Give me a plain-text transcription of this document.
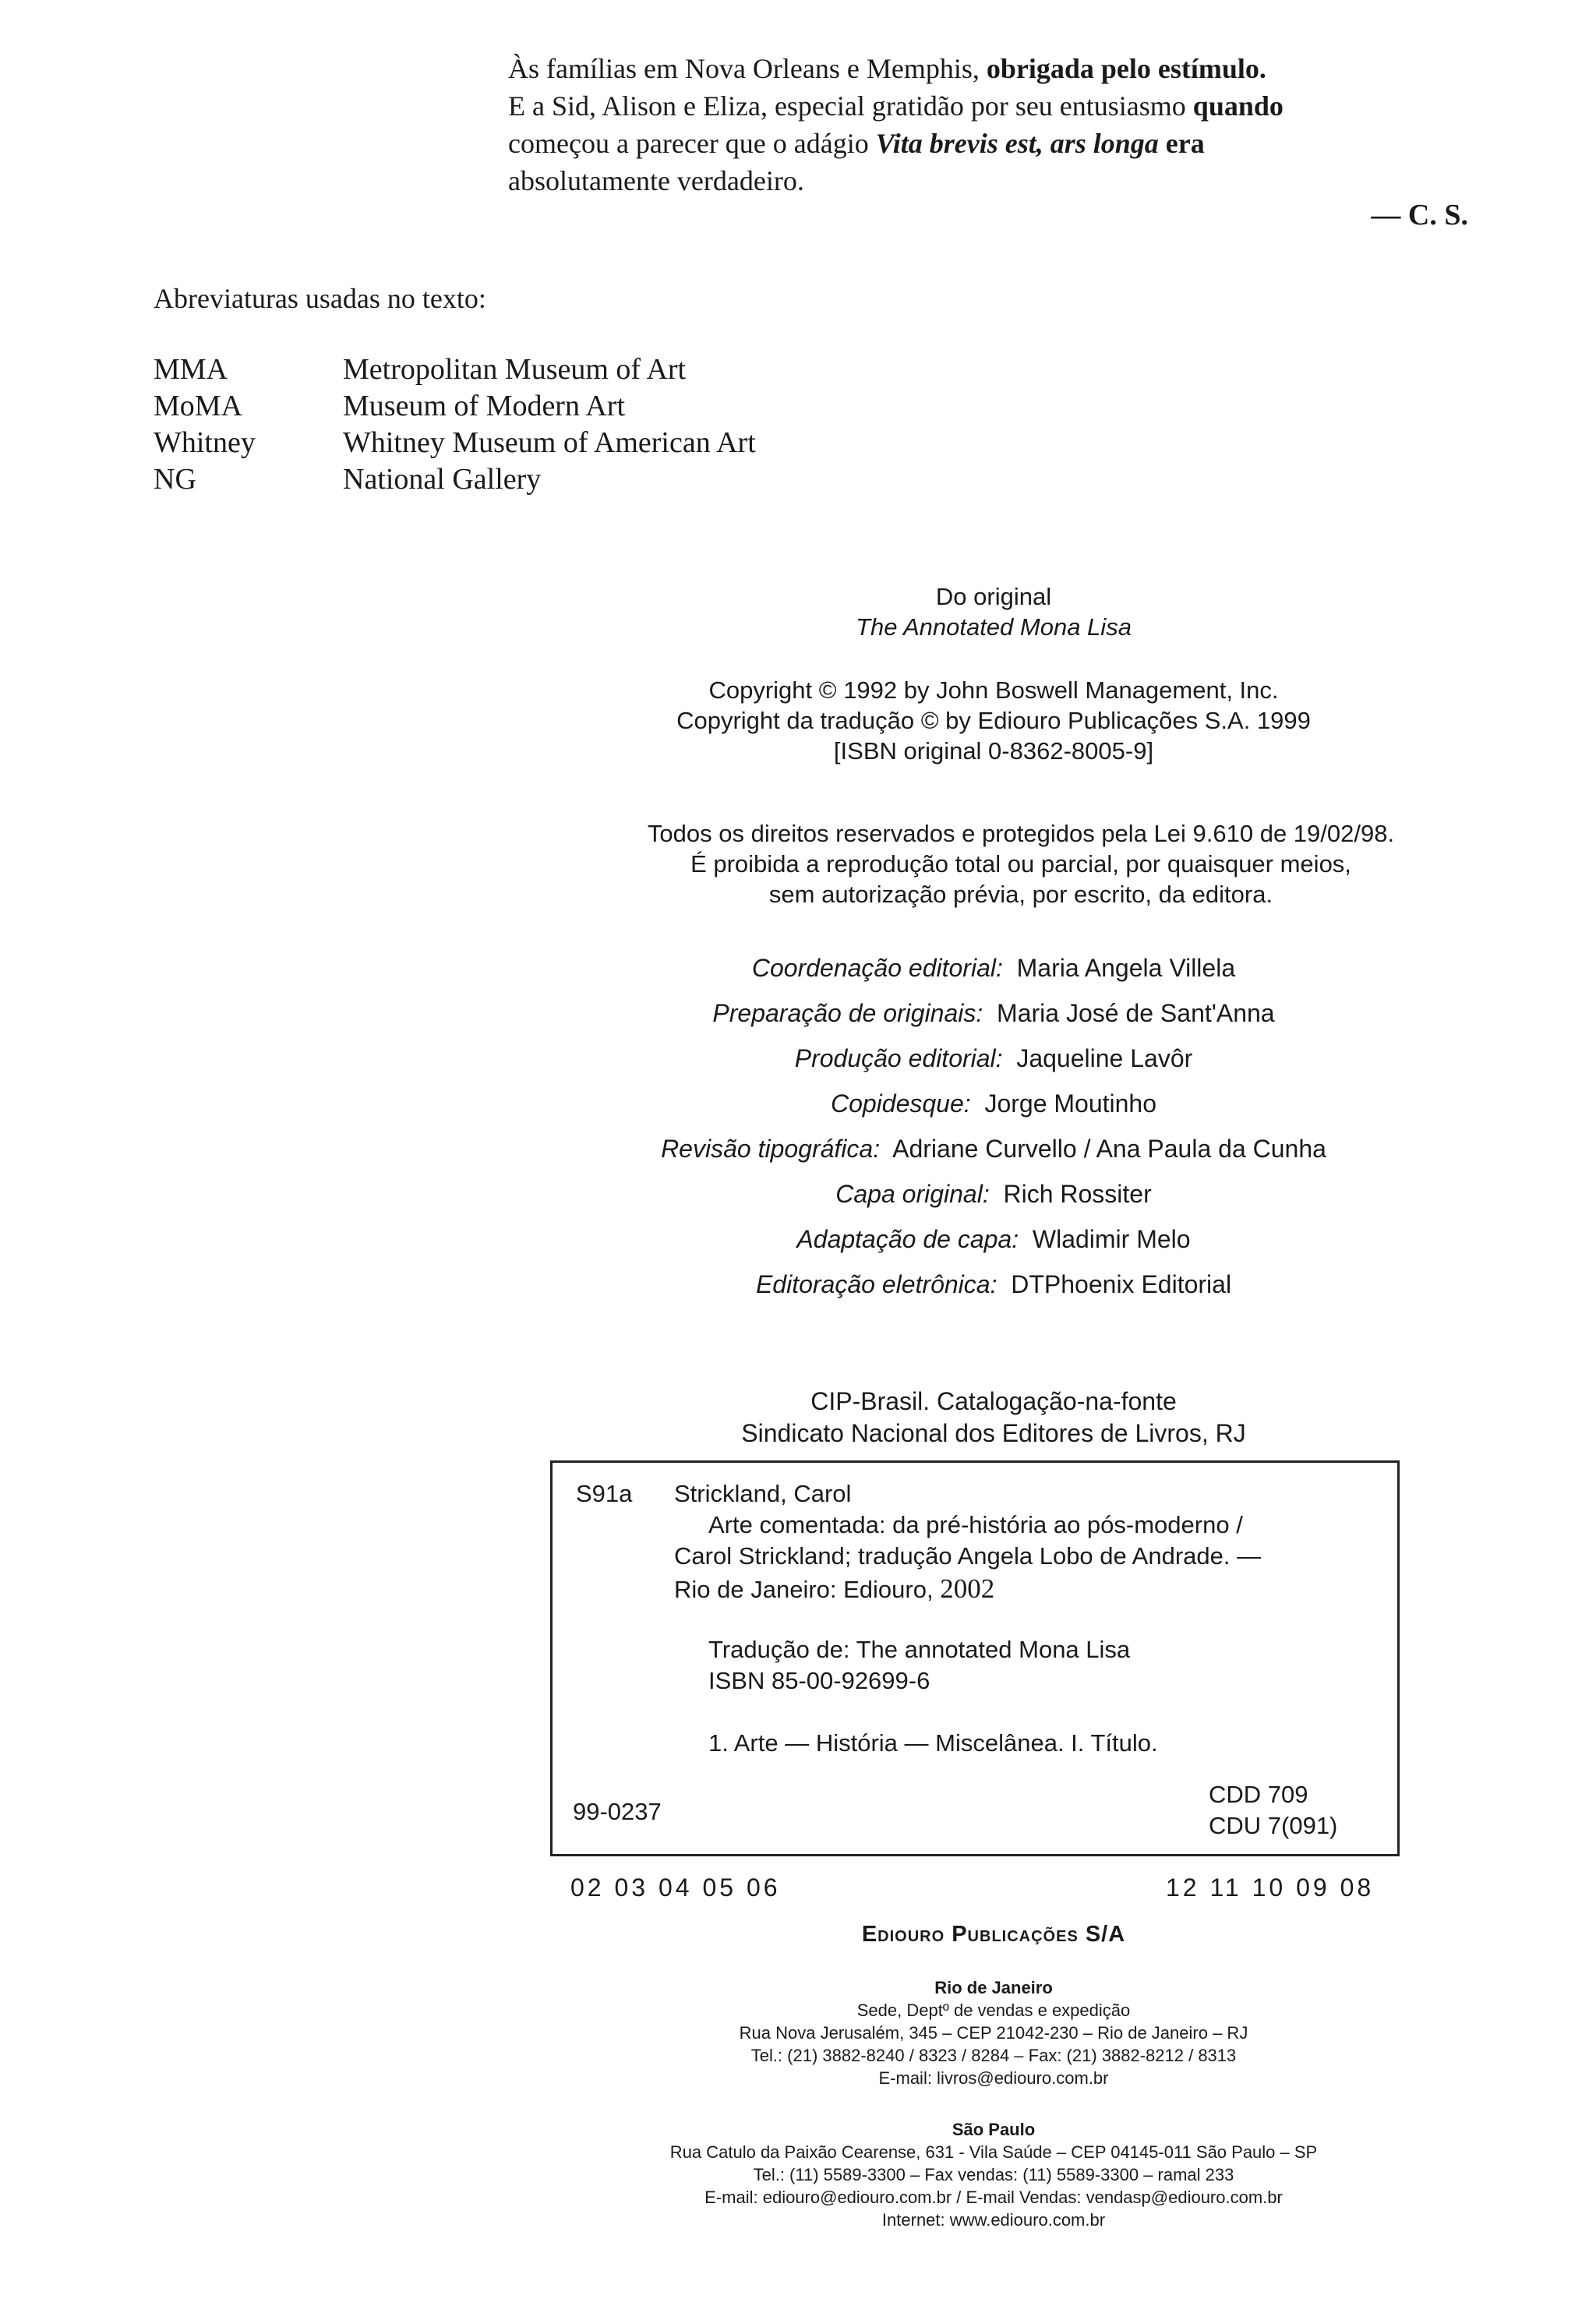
Às famílias em Nova Orleans e Memphis, obrigada pelo estímulo.

E a Sid, Alison e Eliza, especial gratidão por seu entusiasmo quando

começou a parecer que o adágio Vita brevis est, ars longa era

absolutamente verdadeiro.

— C. S.
Abreviaturas usadas no texto:
MMA	Metropolitan Museum of Art
MoMA	Museum of Modern Art
Whitney	Whitney Museum of American Art
NG	National Gallery
Do original
The Annotated Mona Lisa
Copyright © 1992 by John Boswell Management, Inc.
Copyright da tradução © by Ediouro Publicações S.A. 1999
[ISBN original 0-8362-8005-9]
Todos os direitos reservados e protegidos pela Lei 9.610 de 19/02/98.
É proibida a reprodução total ou parcial, por quaisquer meios,
sem autorização prévia, por escrito, da editora.
Coordenação editorial: Maria Angela Villela
Preparação de originais: Maria José de Sant'Anna
Produção editorial: Jaqueline Lavôr
Copidesque: Jorge Moutinho
Revisão tipográfica: Adriane Curvello / Ana Paula da Cunha
Capa original: Rich Rossiter
Adaptação de capa: Wladimir Melo
Editoração eletrônica: DTPhoenix Editorial
CIP-Brasil. Catalogação-na-fonte
Sindicato Nacional dos Editores de Livros, RJ
S91a Strickland, Carol
Arte comentada: da pré-história ao pós-moderno /
Carol Strickland; tradução Angela Lobo de Andrade. —
Rio de Janeiro: Ediouro, 2002
Tradução de: The annotated Mona Lisa
ISBN 85-00-92699-6
1. Arte — História — Miscelânea. I. Título.
99-0237
CDD 709
CDU 7(091)
02 03 04 05 06	12 11 10 09 08
Ediouro Publicações S/A
Rio de Janeiro
Sede, Deptº de vendas e expedição
Rua Nova Jerusalém, 345 – CEP 21042-230 – Rio de Janeiro – RJ
Tel.: (21) 3882-8240 / 8323 / 8284 – Fax: (21) 3882-8212 / 8313
E-mail: livros@ediouro.com.br
São Paulo
Rua Catulo da Paixão Cearense, 631 - Vila Saúde – CEP 04145-011 São Paulo – SP
Tel.: (11) 5589-3300 – Fax vendas: (11) 5589-3300 – ramal 233
E-mail: ediouro@ediouro.com.br / E-mail Vendas: vendasp@ediouro.com.br
Internet: www.ediouro.com.br
